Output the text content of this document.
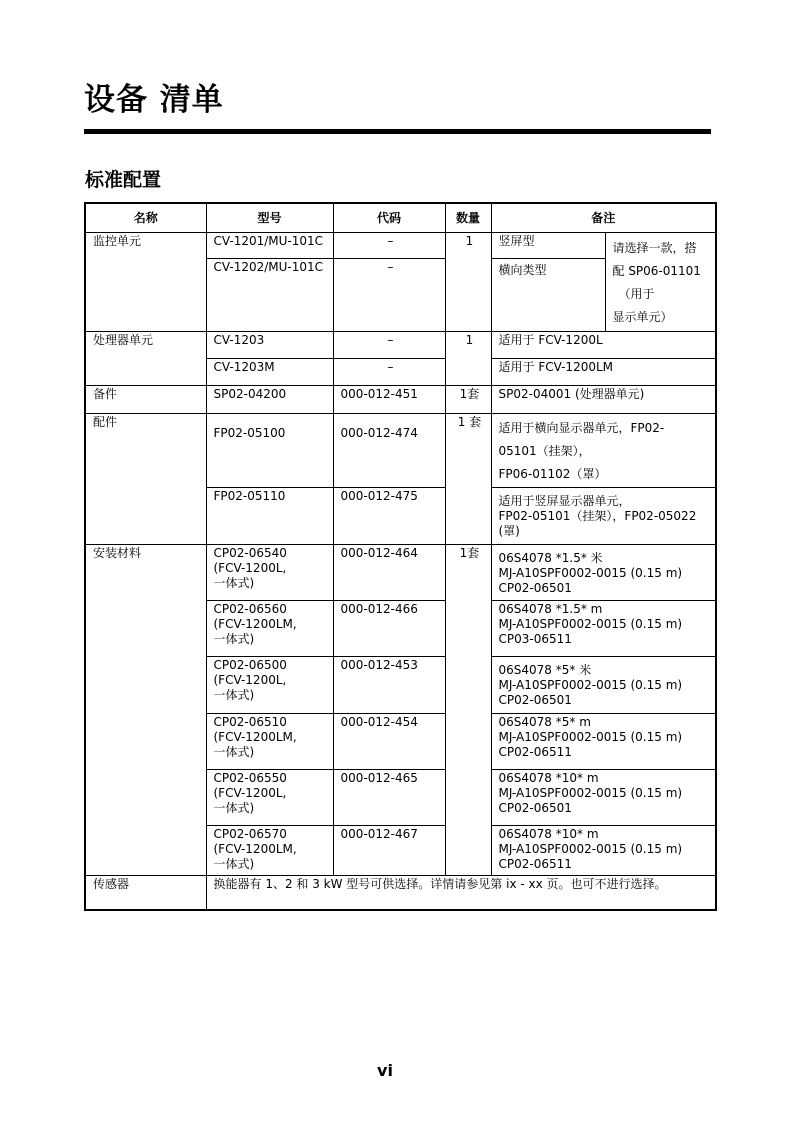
设备 清单
标准配置
名称	型号	代码	数量	备注	
监控单元	CV-1201/MU-101C	–	1	竖屏型	请选择一款，搭
配 SP06-01101
（用于
显示单元）

	CV-1202/MU-101C	–		横向类型	
处理器单元	CV-1203	–	1	适用于 FCV-1200L	
	CV-1203M	–		适用于 FCV-1200LM	
备件	SP02-04200	000-012-451	1套	SP02-04001 (处理器单元)	
配件	FP02-05100	000-012-474	1 套	适用于横向显示器单元，FP02-
05101（挂架），
FP06-01102（罩）	

	FP02-05110	000-012-475		适用于竖屏显示器单元，
FP02-05101（挂架），FP02-05022
(罩)	

安装材料	CP02-06540
(FCV-1200L,
一体式)	000-012-464	1套	06S4078 *1.5* 米
MJ-A10SPF0002-0015 (0.15 m)
CP02-06501	

	CP02-06560
(FCV-1200LM,
一体式)	000-012-466		06S4078 *1.5* m
MJ-A10SPF0002-0015 (0.15 m)
CP03-06511	

	CP02-06500
(FCV-1200L,
一体式)	000-012-453		06S4078 *5* 米
MJ-A10SPF0002-0015 (0.15 m)
CP02-06501	

	CP02-06510
(FCV-1200LM,
一体式)	000-012-454		06S4078 *5* m
MJ-A10SPF0002-0015 (0.15 m)
CP02-06511	

	CP02-06550
(FCV-1200L,
一体式)	000-012-465		06S4078 *10* m
MJ-A10SPF0002-0015 (0.15 m)
CP02-06501	

	CP02-06570
(FCV-1200LM,
一体式)	000-012-467		06S4078 *10* m
MJ-A10SPF0002-0015 (0.15 m)
CP02-06511	

传感器	换能器有 1、2 和 3 kW 型号可供选择。详情请参见第 ix - xx 页。也可不进行选择。				
vi
